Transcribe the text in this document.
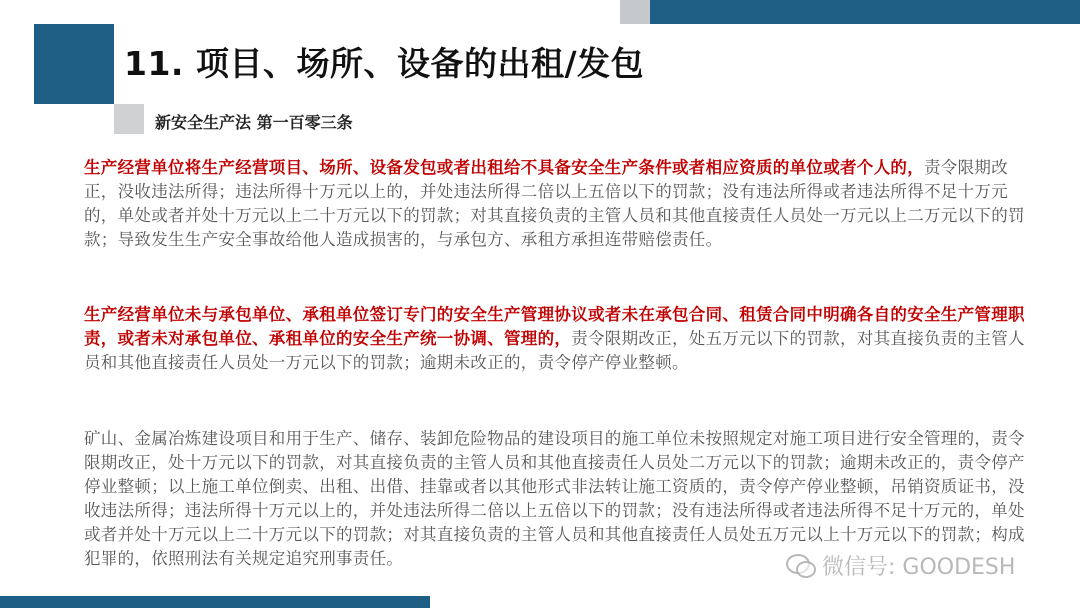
11. 项目、场所、设备的出租/发包
新安全生产法 第一百零三条

生产经营单位将生产经营项目、场所、设备发包或者出租给不具备安全生产条件或者相应资质的单位或者个人的，责令限期改正，没收违法所得；违法所得十万元以上的，并处违法所得二倍以上五倍以下的罚款；没有违法所得或者违法所得不足十万元的，单处或者并处十万元以上二十万元以下的罚款；对其直接负责的主管人员和其他直接责任人员处一万元以上二万元以下的罚款；导致发生生产安全事故给他人造成损害的，与承包方、承租方承担连带赔偿责任。

生产经营单位未与承包单位、承租单位签订专门的安全生产管理协议或者未在承包合同、租赁合同中明确各自的安全生产管理职责，或者未对承包单位、承租单位的安全生产统一协调、管理的，责令限期改正，处五万元以下的罚款，对其直接负责的主管人员和其他直接责任人员处一万元以下的罚款；逾期未改正的，责令停产停业整顿。

矿山、金属冶炼建设项目和用于生产、储存、装卸危险物品的建设项目的施工单位未按照规定对施工项目进行安全管理的，责令限期改正，处十万元以下的罚款，对其直接负责的主管人员和其他直接责任人员处二万元以下的罚款；逾期未改正的，责令停产停业整顿；以上施工单位倒卖、出租、出借、挂靠或者以其他形式非法转让施工资质的，责令停产停业整顿，吊销资质证书，没收违法所得；违法所得十万元以上的，并处违法所得二倍以上五倍以下的罚款；没有违法所得或者违法所得不足十万元的，单处或者并处十万元以上二十万元以下的罚款；对其直接负责的主管人员和其他直接责任人员处五万元以上十万元以下的罚款；构成犯罪的，依照刑法有关规定追究刑事责任。	微信号: GOODESH
